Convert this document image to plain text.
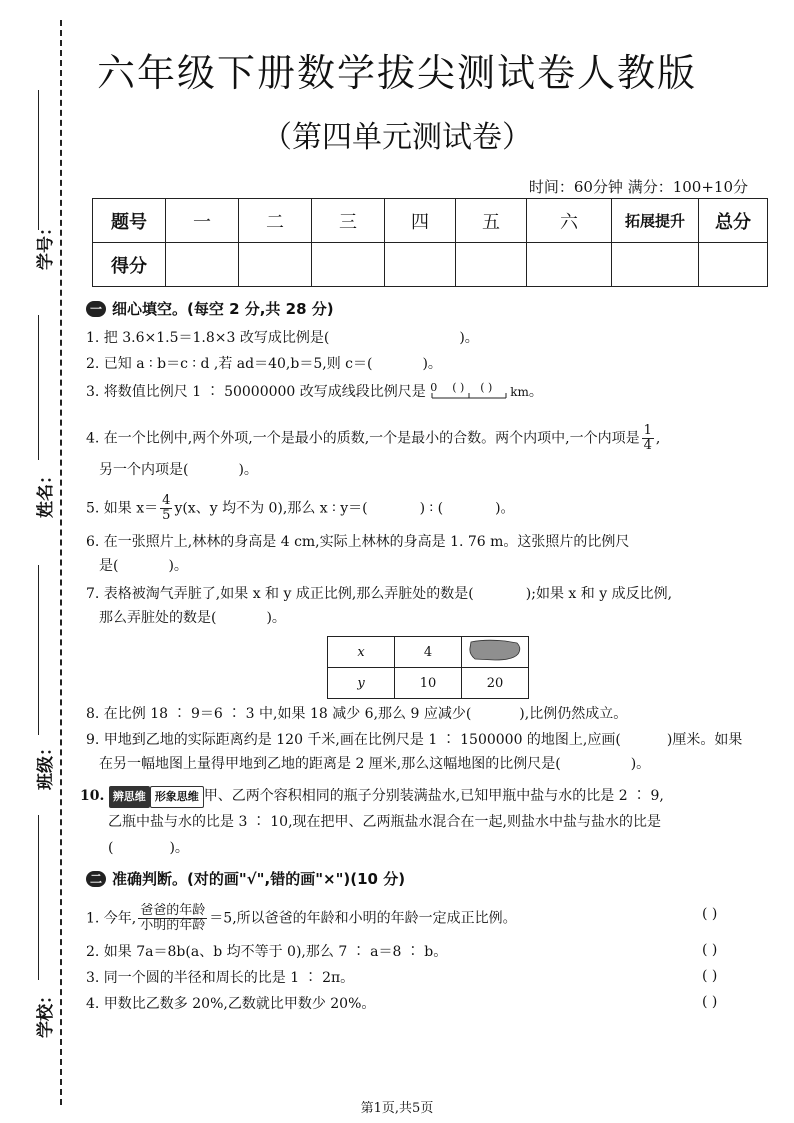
学号：
姓名：
班级：
学校：
六年级下册数学拔尖测试卷人教版
（第四单元测试卷）
时间：60分钟 满分：100+10分
题号	一	二	三	四	五	六	拓展提升	总分
得分								
一 细心填空。(每空 2 分,共 28 分)
1. 把 3.6×1.5＝1.8×3 改写成比例是(	)。
2. 已知 a ∶ b＝c ∶ d ,若 ad＝40,b＝5,则 c＝(	)。
3. 将数值比例尺 1 ∶ 50000000 改写成线段比例尺是 0 ( ) ( ) km。
4. 在一个比例中,两个外项,一个是最小的质数,一个是最小的合数。两个内项中,一个内项是 $\frac{1}{4}$ ,
另一个内项是(	)。
5. 如果 $x= \frac{4}{5} y(x$、y 均不为 0),那么 x ∶ y＝(	) ∶ (	)。
6. 在一张照片上,林林的身高是 4 cm,实际上林林的身高是 1. 76 m。这张照片的比例尺
是(	)。
7. 表格被淘气弄脏了,如果 x 和 y 成正比例,那么弄脏处的数是(	);如果 x 和 y 成反比例,
那么弄脏处的数是(	)。
x	4	
y	10	20
8. 在比例 18 ∶ 9＝6 ∶ 3 中,如果 18 减少 6,那么 9 应减少(	),比例仍然成立。
9. 甲地到乙地的实际距离约是 120 千米,画在比例尺是 1 ∶ 1500000 的地图上,应画(	)厘米。如果
在另一幅地图上量得甲地到乙地的距离是 2 厘米,那么这幅地图的比例尺是(	)。
10. 辨思维 形象思维 甲、乙两个容积相同的瓶子分别装满盐水,已知甲瓶中盐与水的比是 2 ∶ 9,
乙瓶中盐与水的比是 3 ∶ 10,现在把甲、乙两瓶盐水混合在一起,则盐水中盐与盐水的比是
(	)。
二 准确判断。(对的画"√",错的画"×")(10 分)
1. 今年, $\frac{\text{爸爸的年龄}}{\text{小明的年龄}} =5$,所以爸爸的年龄和小明的年龄一定成正比例。	( )
2. 如果 7a＝8b(a、b 均不等于 0),那么 7 ∶ a＝8 ∶ b。	( )
3. 同一个圆的半径和周长的比是 1 ∶ 2π。	( )
4. 甲数比乙数多 20%,乙数就比甲数少 20%。	( )
第1页,共5页
